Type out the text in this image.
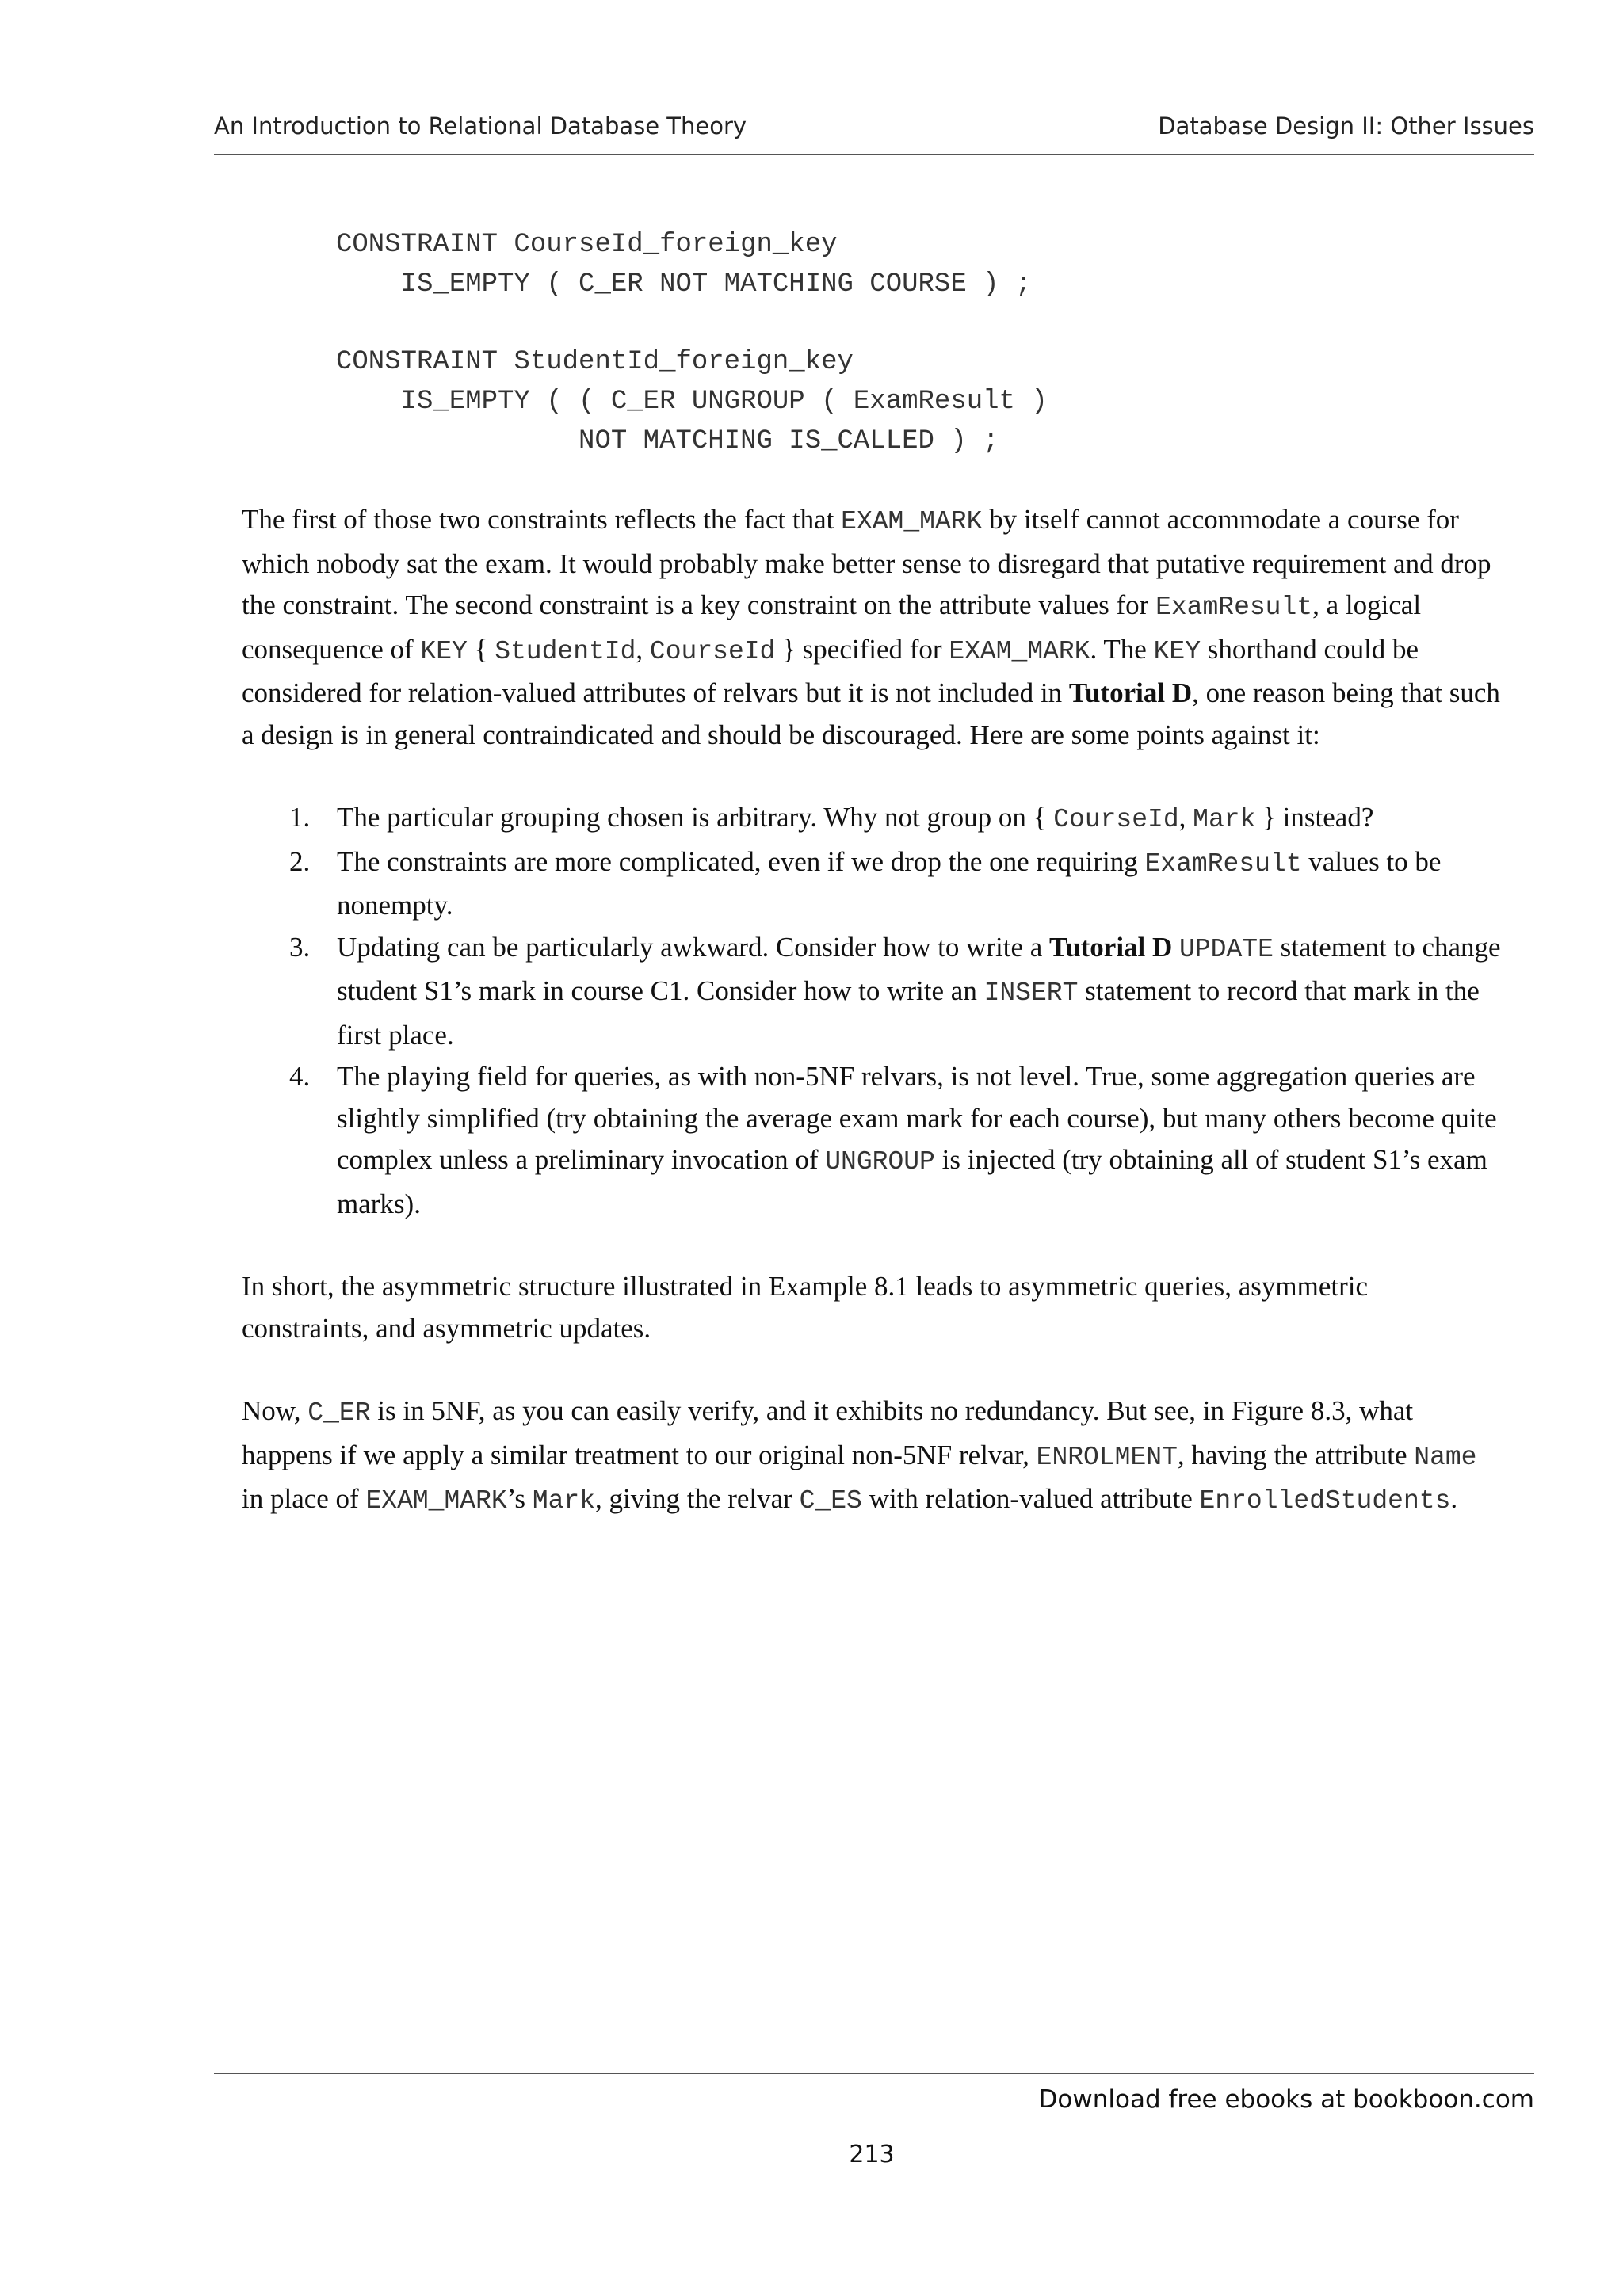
An Introduction to Relational Database Theory	Database Design II: Other Issues
CONSTRAINT CourseId_foreign_key
IS_EMPTY ( C_ER NOT MATCHING COURSE ) ;

CONSTRAINT StudentId_foreign_key
IS_EMPTY ( ( C_ER UNGROUP ( ExamResult )
NOT MATCHING IS_CALLED ) ;

The first of those two constraints reflects the fact that EXAM_MARK by itself cannot accommodate a course for which nobody sat the exam. It would probably make better sense to disregard that putative requirement and drop the constraint. The second constraint is a key constraint on the attribute values for ExamResult, a logical consequence of KEY { StudentId, CourseId } specified for EXAM_MARK. The KEY shorthand could be considered for relation-valued attributes of relvars but it is not included in Tutorial D, one reason being that such a design is in general contraindicated and should be discouraged. Here are some points against it:

1. The particular grouping chosen is arbitrary. Why not group on { CourseId, Mark } instead?
2. The constraints are more complicated, even if we drop the one requiring ExamResult values to be nonempty.
3. Updating can be particularly awkward. Consider how to write a Tutorial D UPDATE statement to change student S1’s mark in course C1. Consider how to write an INSERT statement to record that mark in the first place.
4. The playing field for queries, as with non-5NF relvars, is not level. True, some aggregation queries are slightly simplified (try obtaining the average exam mark for each course), but many others become quite complex unless a preliminary invocation of UNGROUP is injected (try obtaining all of student S1’s exam marks).

In short, the asymmetric structure illustrated in Example 8.1 leads to asymmetric queries, asymmetric constraints, and asymmetric updates.

Now, C_ER is in 5NF, as you can easily verify, and it exhibits no redundancy. But see, in Figure 8.3, what happens if we apply a similar treatment to our original non-5NF relvar, ENROLMENT, having the attribute Name in place of EXAM_MARK’s Mark, giving the relvar C_ES with relation-valued attribute EnrolledStudents.

Download free ebooks at bookboon.com
213
